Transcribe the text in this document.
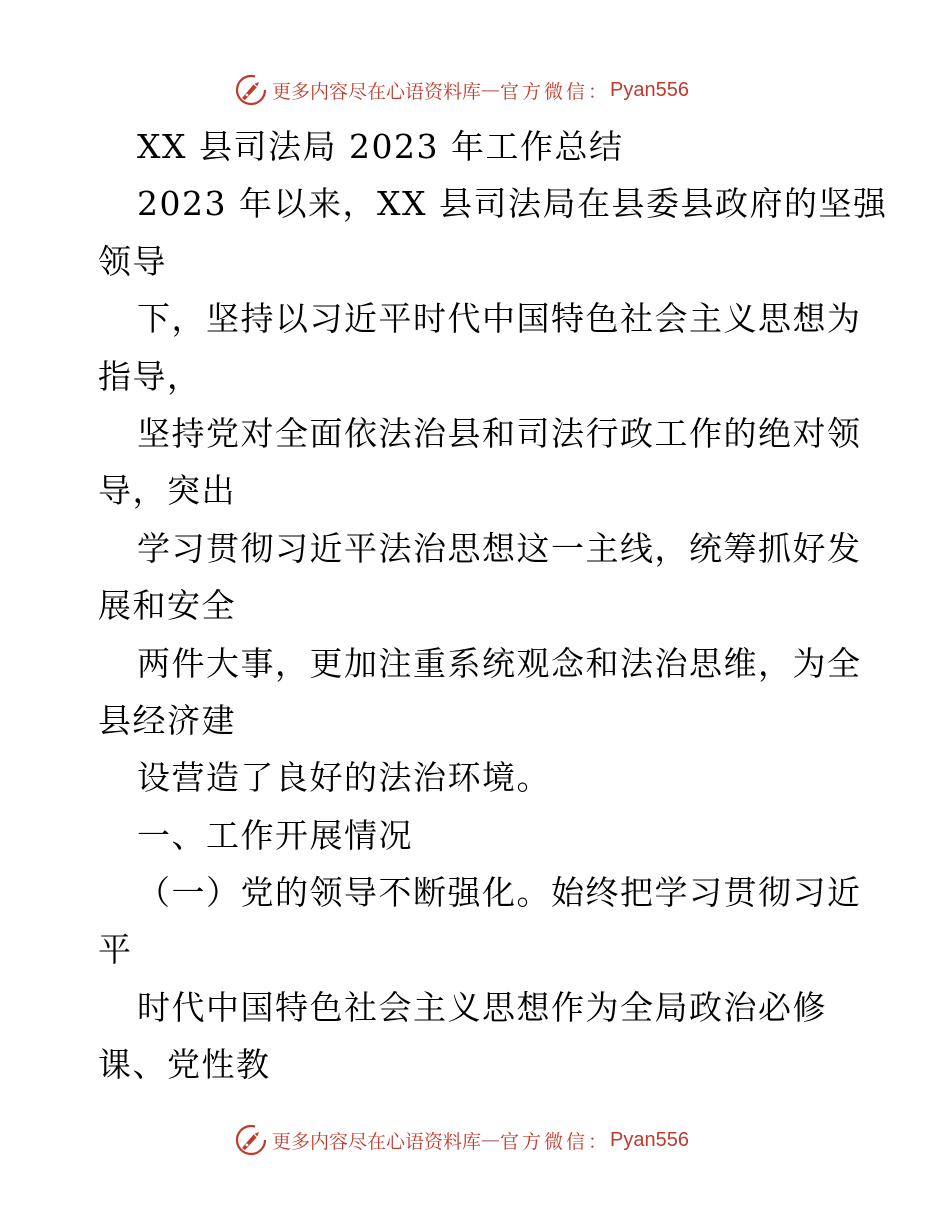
更多内容尽在心语资料库 — 官方微信： Pyan556

XX 县司法局 2023 年工作总结

2023 年以来，XX 县司法局在县委县政府的坚强

领导

下，坚持以习近平时代中国特色社会主义思想为

指导，

坚持党对全面依法治县和司法行政工作的绝对领

导，突出

学习贯彻习近平法治思想这一主线，统筹抓好发

展和安全

两件大事，更加注重系统观念和法治思维，为全

县经济建

设营造了良好的法治环境。

一、工作开展情况

（一）党的领导不断强化。始终把学习贯彻习近

平

时代中国特色社会主义思想作为全局政治必修

课、党性教

更多内容尽在心语资料库 — 官方微信： Pyan556
